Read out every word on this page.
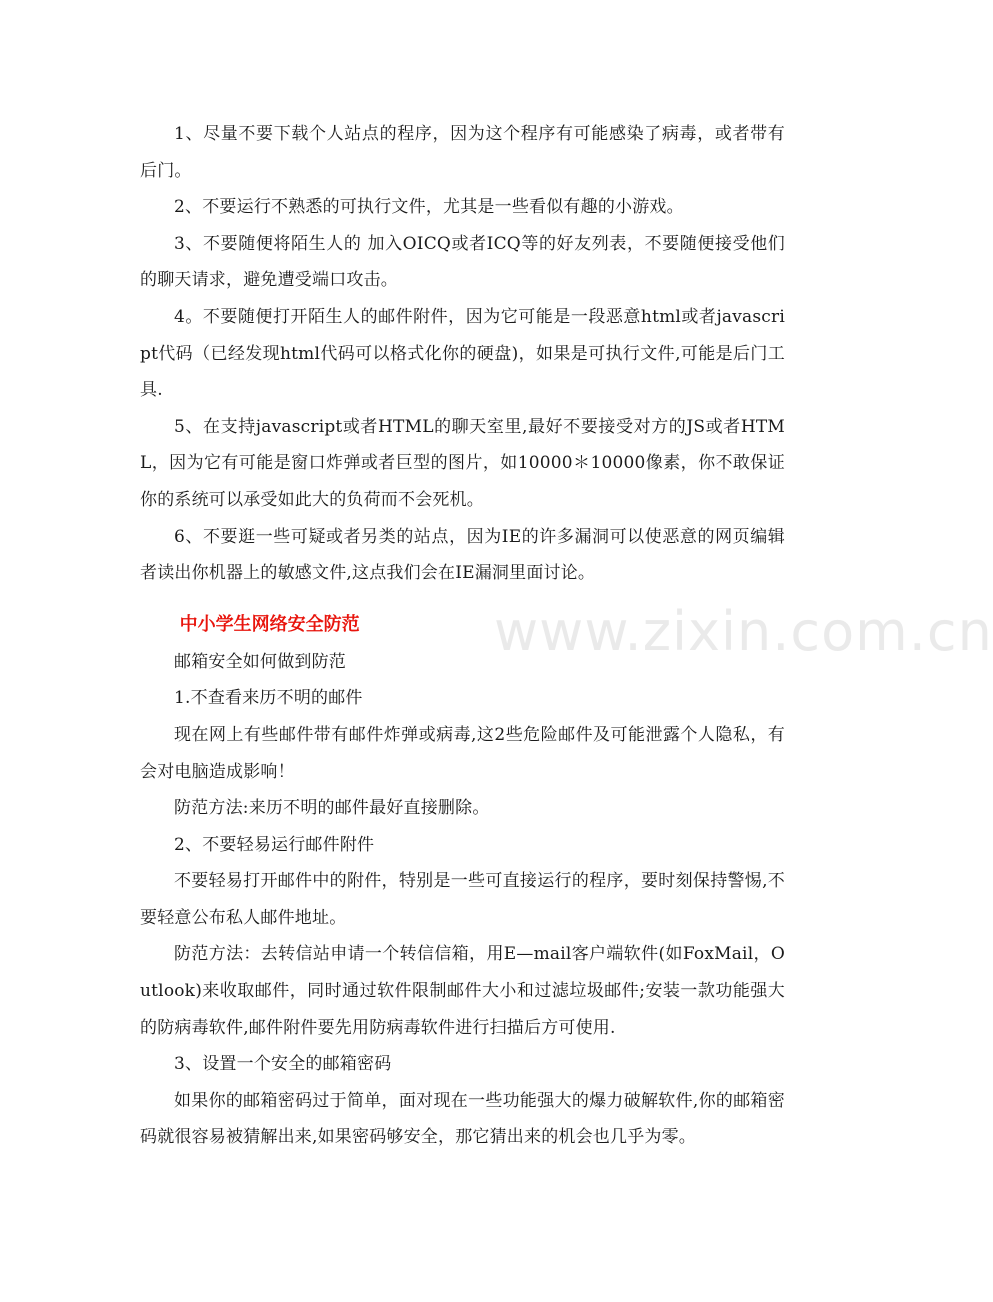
1、尽量不要下载个人站点的程序，因为这个程序有可能感染了病毒，或者带有后门。

2、不要运行不熟悉的可执行文件，尤其是一些看似有趣的小游戏。

3、不要随便将陌生人的 加入OICQ或者ICQ等的好友列表，不要随便接受他们的聊天请求，避免遭受端口攻击。

4。不要随便打开陌生人的邮件附件，因为它可能是一段恶意html或者javascript代码（已经发现html代码可以格式化你的硬盘)，如果是可执行文件,可能是后门工具.

5、在支持javascript或者HTML的聊天室里,最好不要接受对方的JS或者HTML，因为它有可能是窗口炸弹或者巨型的图片，如10000＊10000像素，你不敢保证你的系统可以承受如此大的负荷而不会死机。

6、不要逛一些可疑或者另类的站点，因为IE的许多漏洞可以使恶意的网页编辑者读出你机器上的敏感文件,这点我们会在IE漏洞里面讨论。

中小学生网络安全防范

邮箱安全如何做到防范

1.不查看来历不明的邮件

现在网上有些邮件带有邮件炸弹或病毒,这2些危险邮件及可能泄露个人隐私，有会对电脑造成影响！

防范方法:来历不明的邮件最好直接删除。

2、不要轻易运行邮件附件

不要轻易打开邮件中的附件，特别是一些可直接运行的程序，要时刻保持警惕,不要轻意公布私人邮件地址。

防范方法：去转信站申请一个转信信箱，用E—mail客户端软件(如FoxMail，Outlook)来收取邮件，同时通过软件限制邮件大小和过滤垃圾邮件;安装一款功能强大的防病毒软件,邮件附件要先用防病毒软件进行扫描后方可使用.

3、设置一个安全的邮箱密码

如果你的邮箱密码过于简单，面对现在一些功能强大的爆力破解软件,你的邮箱密码就很容易被猜解出来,如果密码够安全，那它猜出来的机会也几乎为零。

www.zixin.com.cn
